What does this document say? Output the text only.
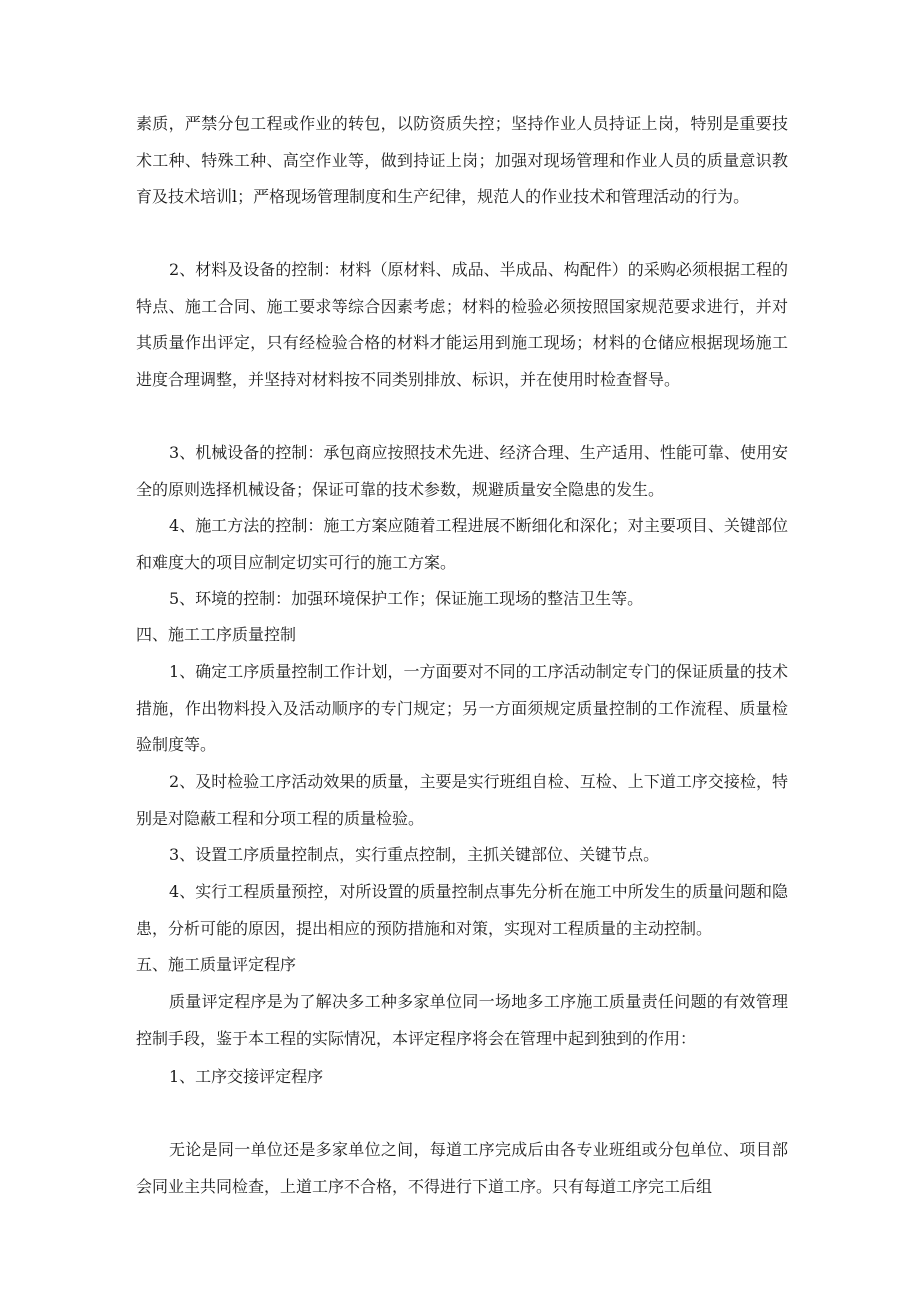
素质，严禁分包工程或作业的转包，以防资质失控；坚持作业人员持证上岗，特别是重要技术工种、特殊工种、高空作业等，做到持证上岗；加强对现场管理和作业人员的质量意识教育及技术培训l；严格现场管理制度和生产纪律，规范人的作业技术和管理活动的行为。

2、材料及设备的控制：材料（原材料、成品、半成品、构配件）的采购必须根据工程的特点、施工合同、施工要求等综合因素考虑；材料的检验必须按照国家规范要求进行，并对其质量作出评定，只有经检验合格的材料才能运用到施工现场；材料的仓储应根据现场施工进度合理调整，并坚持对材料按不同类别排放、标识，并在使用时检查督导。

3、机械设备的控制：承包商应按照技术先进、经济合理、生产适用、性能可靠、使用安全的原则选择机械设备；保证可靠的技术参数，规避质量安全隐患的发生。

4、施工方法的控制：施工方案应随着工程进展不断细化和深化；对主要项目、关键部位和难度大的项目应制定切实可行的施工方案。

5、环境的控制：加强环境保护工作；保证施工现场的整洁卫生等。

四、施工工序质量控制

1、确定工序质量控制工作计划，一方面要对不同的工序活动制定专门的保证质量的技术措施，作出物料投入及活动顺序的专门规定；另一方面须规定质量控制的工作流程、质量检验制度等。

2、及时检验工序活动效果的质量，主要是实行班组自检、互检、上下道工序交接检，特别是对隐蔽工程和分项工程的质量检验。

3、设置工序质量控制点，实行重点控制，主抓关键部位、关键节点。

4、实行工程质量预控，对所设置的质量控制点事先分析在施工中所发生的质量问题和隐患，分析可能的原因，提出相应的预防措施和对策，实现对工程质量的主动控制。

五、施工质量评定程序

质量评定程序是为了解决多工种多家单位同一场地多工序施工质量责任问题的有效管理控制手段，鉴于本工程的实际情况，本评定程序将会在管理中起到独到的作用：

1、工序交接评定程序

无论是同一单位还是多家单位之间，每道工序完成后由各专业班组或分包单位、项目部会同业主共同检查，上道工序不合格，不得进行下道工序。只有每道工序完工后组
